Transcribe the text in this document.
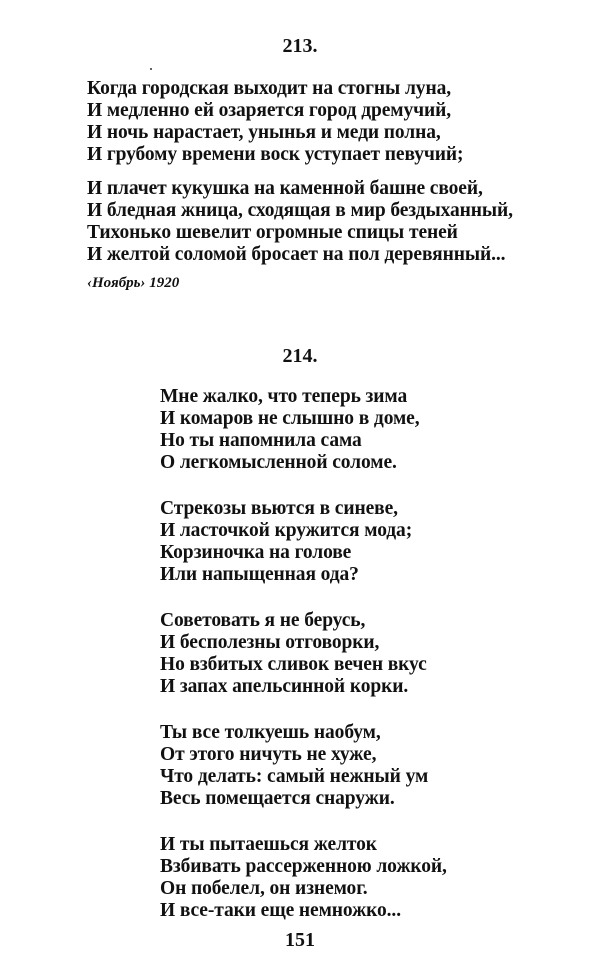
213.
Когда городская выходит на стогны луна,
И медленно ей озаряется город дремучий,
И ночь нарастает, унынья и меди полна,
И грубому времени воск уступает певучий;
И плачет кукушка на каменной башне своей,
И бледная жница, сходящая в мир бездыханный,
Тихонько шевелит огромные спицы теней
И желтой соломой бросает на пол деревянный...
‹Ноябрь› 1920
214.
Мне жалко, что теперь зима
И комаров не слышно в доме,
Но ты напомнила сама
О легкомысленной соломе.
Стрекозы вьются в синеве,
И ласточкой кружится мода;
Корзиночка на голове
Или напыщенная ода?
Советовать я не берусь,
И бесполезны отговорки,
Но взбитых сливок вечен вкус
И запах апельсинной корки.
Ты все толкуешь наобум,
От этого ничуть не хуже,
Что делать: самый нежный ум
Весь помещается снаружи.
И ты пытаешься желток
Взбивать рассерженною ложкой,
Он побелел, он изнемог.
И все-таки еще немножко...
151
